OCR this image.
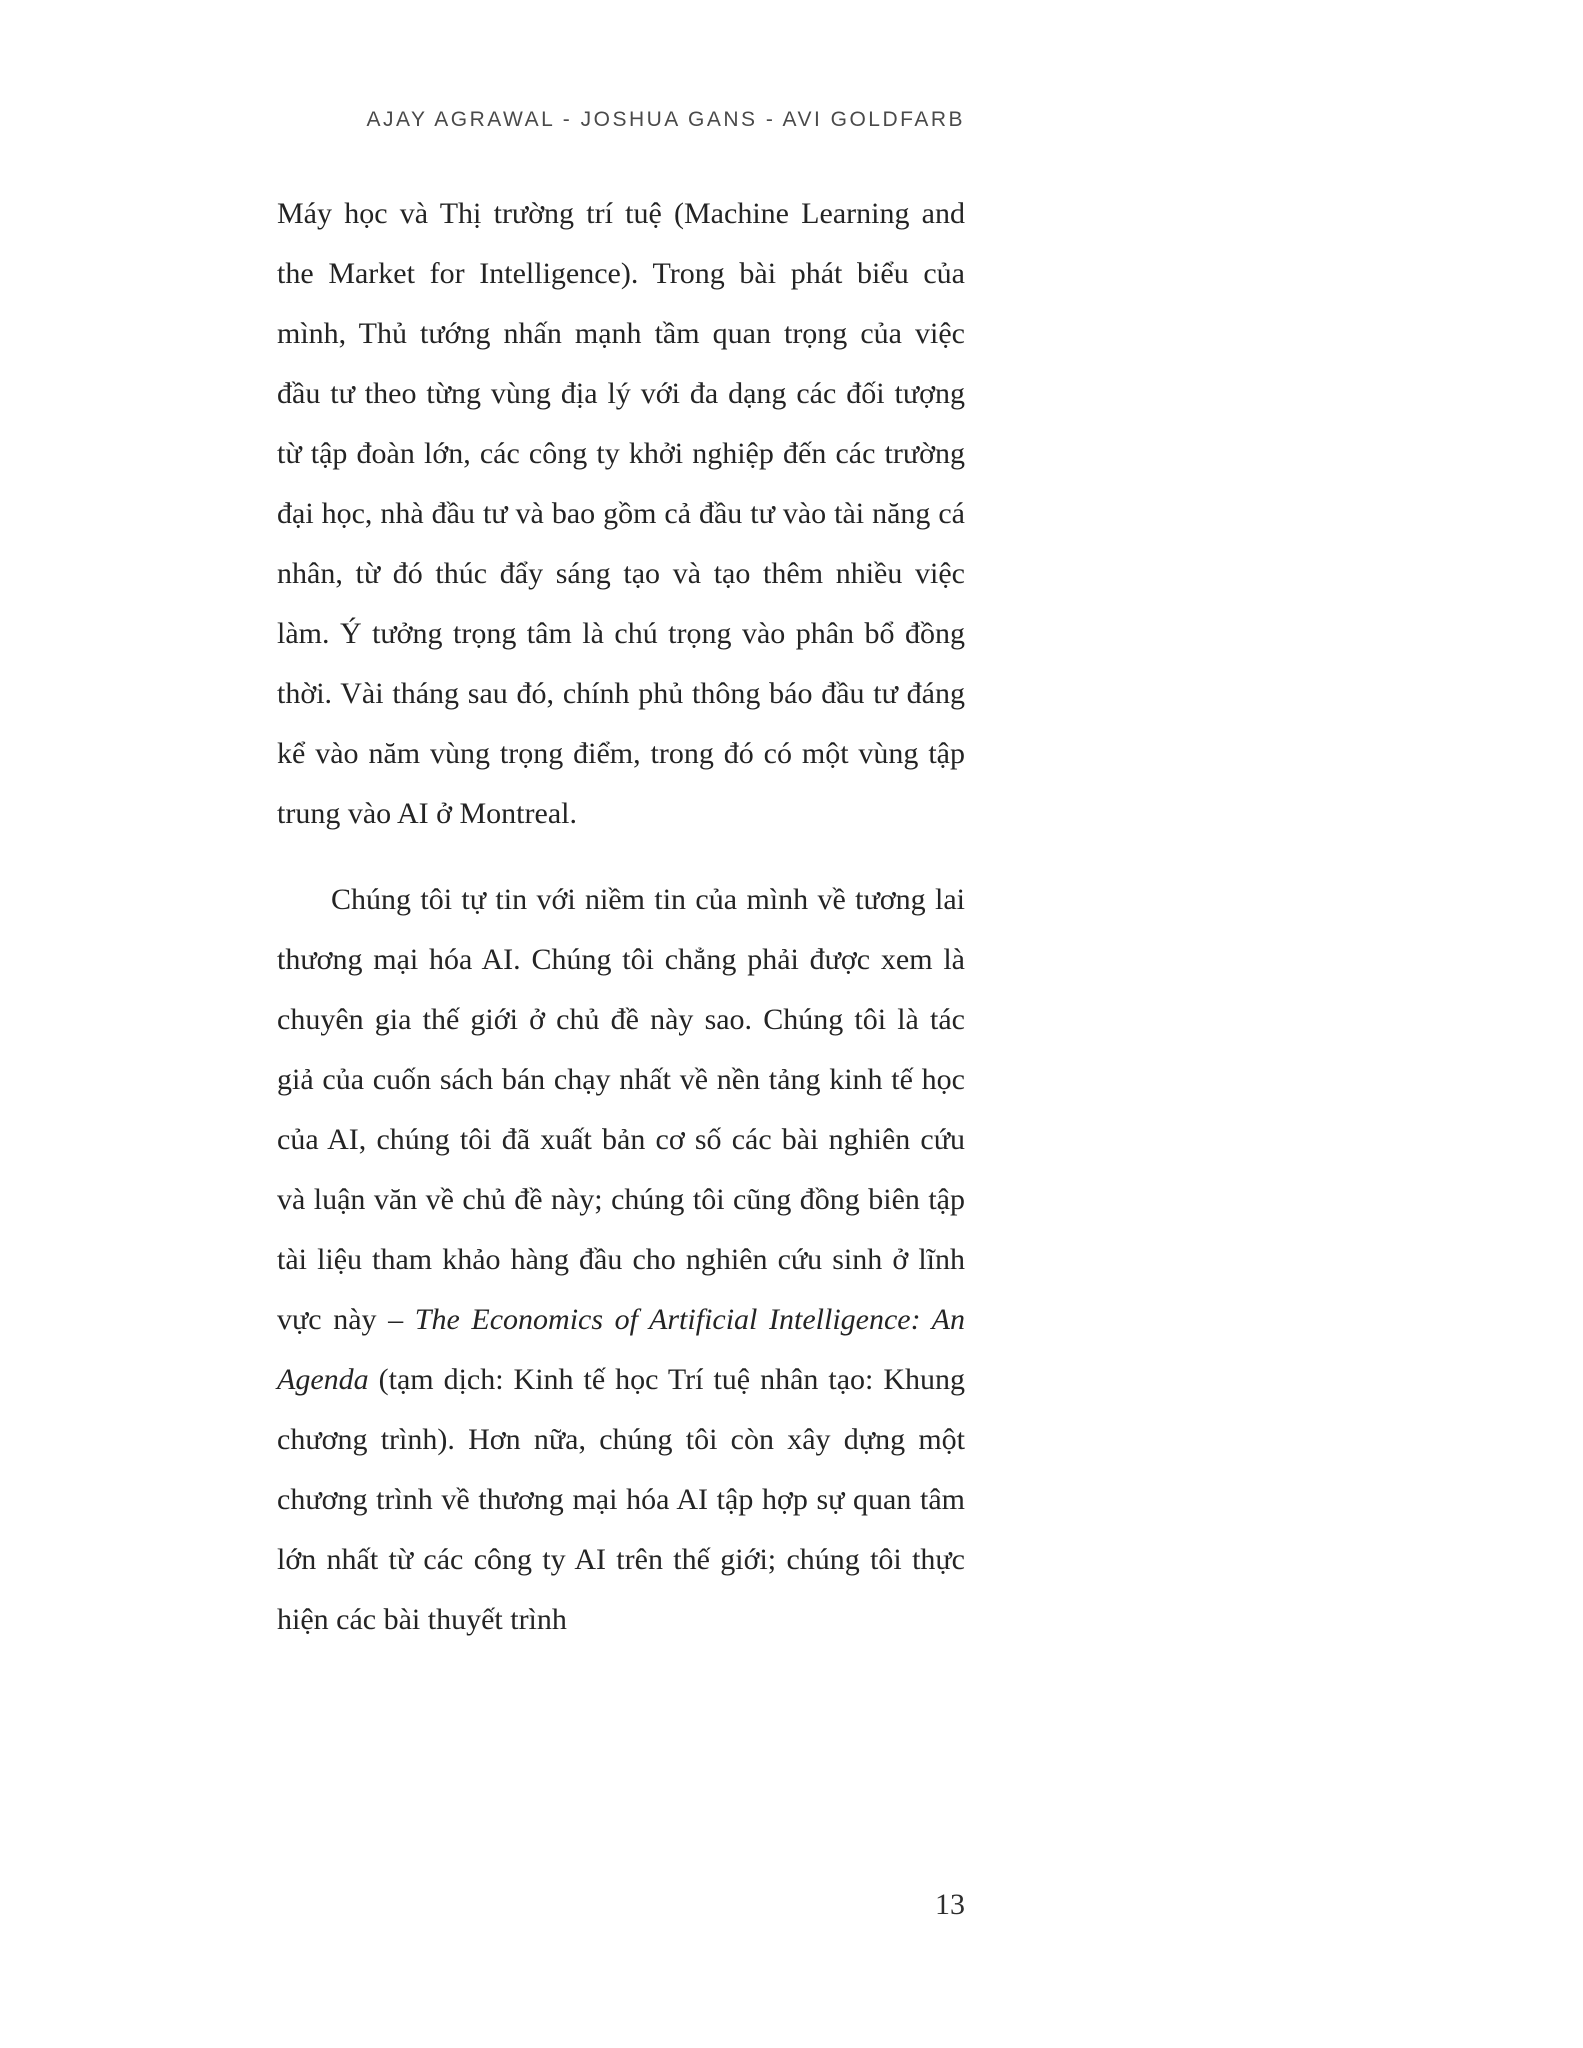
AJAY AGRAWAL - JOSHUA GANS - AVI GOLDFARB

Máy học và Thị trường trí tuệ (Machine Learning and the Market for Intelligence). Trong bài phát biểu của mình, Thủ tướng nhấn mạnh tầm quan trọng của việc đầu tư theo từng vùng địa lý với đa dạng các đối tượng từ tập đoàn lớn, các công ty khởi nghiệp đến các trường đại học, nhà đầu tư và bao gồm cả đầu tư vào tài năng cá nhân, từ đó thúc đẩy sáng tạo và tạo thêm nhiều việc làm. Ý tưởng trọng tâm là chú trọng vào phân bổ đồng thời. Vài tháng sau đó, chính phủ thông báo đầu tư đáng kể vào năm vùng trọng điểm, trong đó có một vùng tập trung vào AI ở Montreal.

Chúng tôi tự tin với niềm tin của mình về tương lai thương mại hóa AI. Chúng tôi chẳng phải được xem là chuyên gia thế giới ở chủ đề này sao. Chúng tôi là tác giả của cuốn sách bán chạy nhất về nền tảng kinh tế học của AI, chúng tôi đã xuất bản cơ số các bài nghiên cứu và luận văn về chủ đề này; chúng tôi cũng đồng biên tập tài liệu tham khảo hàng đầu cho nghiên cứu sinh ở lĩnh vực này – The Economics of Artificial Intelligence: An Agenda (tạm dịch: Kinh tế học Trí tuệ nhân tạo: Khung chương trình). Hơn nữa, chúng tôi còn xây dựng một chương trình về thương mại hóa AI tập hợp sự quan tâm lớn nhất từ các công ty AI trên thế giới; chúng tôi thực hiện các bài thuyết trình

13
